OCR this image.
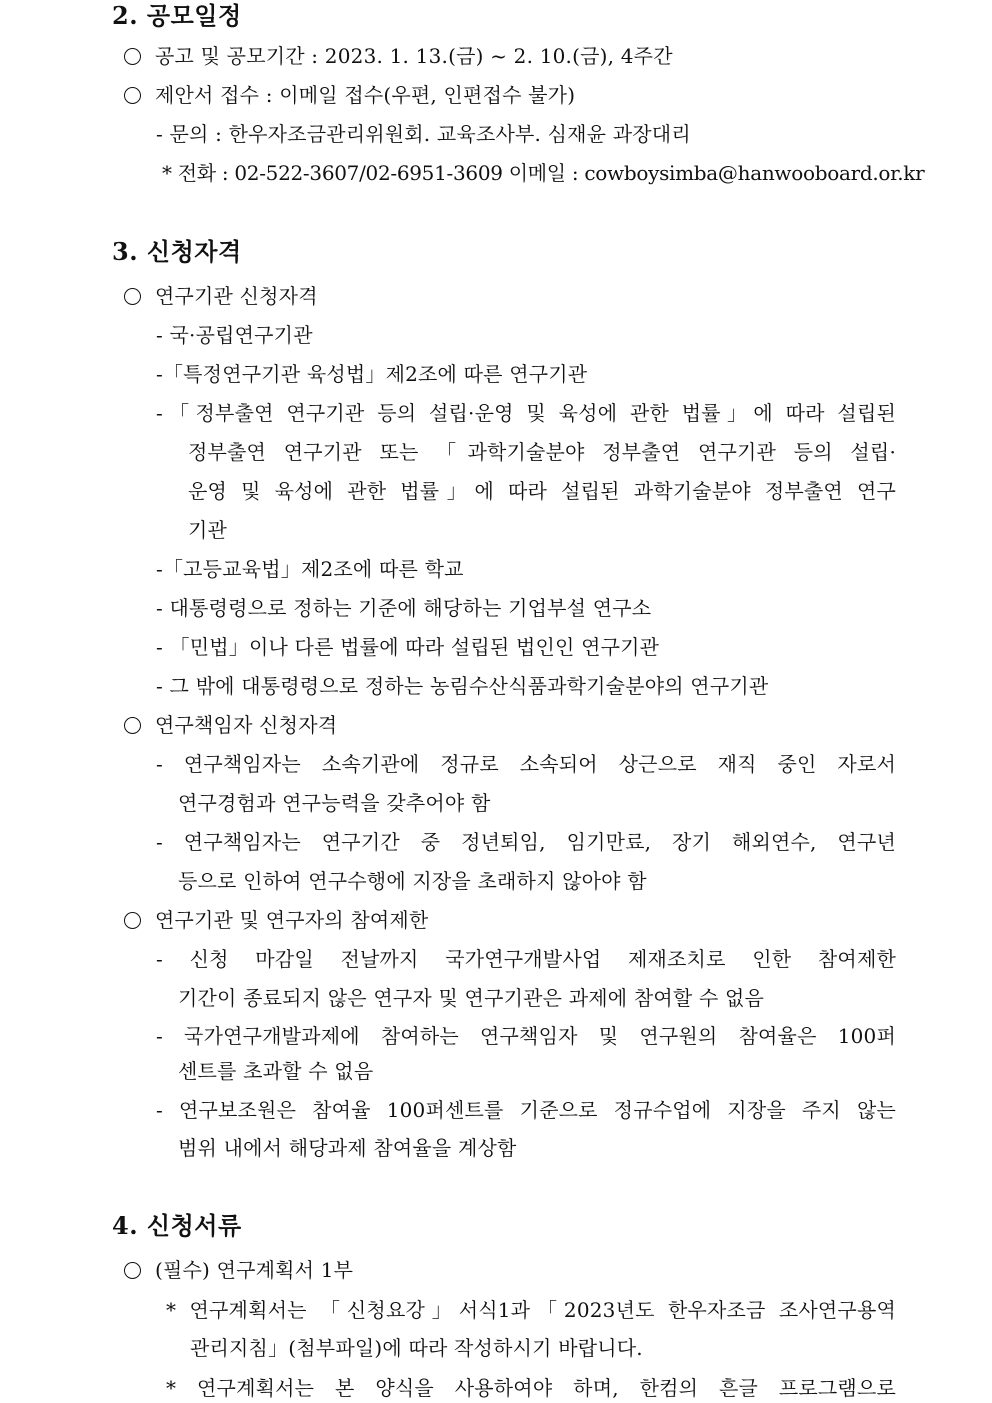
2. 공모일정
공고 및 공모기간 : 2023. 1. 13.(금) ~ 2. 10.(금), 4주간
제안서 접수 : 이메일 접수(우편, 인편접수 불가)
- 문의 : 한우자조금관리위원회. 교육조사부. 심재윤 과장대리
* 전화 : 02-522-3607/02-6951-3609 이메일 : cowboysimba@hanwooboard.or.kr
3. 신청자격
연구기관 신청자격
- 국·공립연구기관
-「특정연구기관 육성법」제2조에 따른 연구기관
-「정부출연 연구기관 등의 설립·운영 및 육성에 관한 법률」에 따라 설립된
정부출연 연구기관 또는 「과학기술분야 정부출연 연구기관 등의 설립·
운영 및 육성에 관한 법률」에 따라 설립된 과학기술분야 정부출연 연구
기관
-「고등교육법」제2조에 따른 학교
- 대통령령으로 정하는 기준에 해당하는 기업부설 연구소
- 「민법」이나 다른 법률에 따라 설립된 법인인 연구기관
- 그 밖에 대통령령으로 정하는 농림수산식품과학기술분야의 연구기관
연구책임자 신청자격
- 연구책임자는 소속기관에 정규로 소속되어 상근으로 재직 중인 자로서
연구경험과 연구능력을 갖추어야 함
- 연구책임자는 연구기간 중 정년퇴임, 임기만료, 장기 해외연수, 연구년
등으로 인하여 연구수행에 지장을 초래하지 않아야 함
연구기관 및 연구자의 참여제한
- 신청 마감일 전날까지 국가연구개발사업 제재조치로 인한 참여제한
기간이 종료되지 않은 연구자 및 연구기관은 과제에 참여할 수 없음
- 국가연구개발과제에 참여하는 연구책임자 및 연구원의 참여율은 100퍼
센트를 초과할 수 없음
- 연구보조원은 참여율 100퍼센트를 기준으로 정규수업에 지장을 주지 않는
범위 내에서 해당과제 참여율을 계상함
4. 신청서류
(필수) 연구계획서 1부
* 연구계획서는 「신청요강」서식1과「2023년도 한우자조금 조사연구용역
관리지침」(첨부파일)에 따라 작성하시기 바랍니다.
* 연구계획서는 본 양식을 사용하여야 하며, 한컴의 흔글 프로그램으로
